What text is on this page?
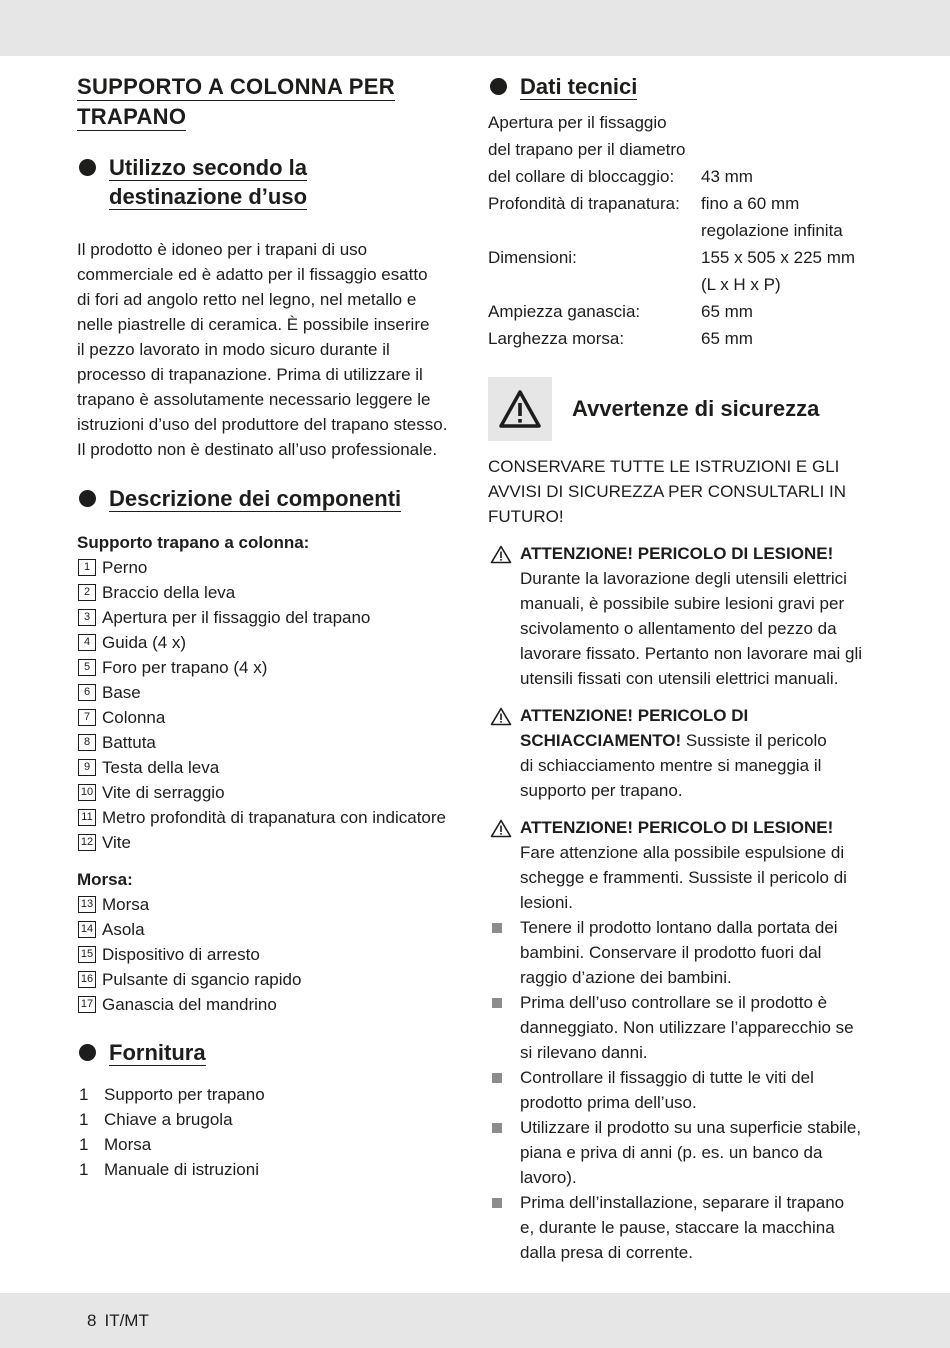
SUPPORTO A COLONNA PER
TRAPANO
Utilizzo secondo la
destinazione d’uso
Il prodotto è idoneo per i trapani di uso
commerciale ed è adatto per il fissaggio esatto
di fori ad angolo retto nel legno, nel metallo e
nelle piastrelle di ceramica. È possibile inserire
il pezzo lavorato in modo sicuro durante il
processo di trapanazione. Prima di utilizzare il
trapano è assolutamente necessario leggere le
istruzioni d’uso del produttore del trapano stesso.
Il prodotto non è destinato all’uso professionale.
Descrizione dei componenti
Supporto trapano a colonna:
1 Perno
2 Braccio della leva
3 Apertura per il fissaggio del trapano
4 Guida (4 x)
5 Foro per trapano (4 x)
6 Base
7 Colonna
8 Battuta
9 Testa della leva
10 Vite di serraggio
11 Metro profondità di trapanatura con indicatore
12 Vite
Morsa:
13 Morsa
14 Asola
15 Dispositivo di arresto
16 Pulsante di sgancio rapido
17 Ganascia del mandrino
Fornitura
1 Supporto per trapano
1 Chiave a brugola
1 Morsa
1 Manuale di istruzioni
Dati tecnici
Apertura per il fissaggio
del trapano per il diametro
del collare di bloccaggio:	43 mm
Profondità di trapanatura:	fino a 60 mm
regolazione infinita
Dimensioni:	155 x 505 x 225 mm
(L x H x P)
Ampiezza ganascia:	65 mm
Larghezza morsa:	65 mm
Avvertenze di sicurezza
CONSERVARE TUTTE LE ISTRUZIONI E GLI
AVVISI DI SICUREZZA PER CONSULTARLI IN
FUTURO!
ATTENZIONE! PERICOLO DI LESIONE!
Durante la lavorazione degli utensili elettrici
manuali, è possibile subire lesioni gravi per
scivolamento o allentamento del pezzo da
lavorare fissato. Pertanto non lavorare mai gli
utensili fissati con utensili elettrici manuali.
ATTENZIONE! PERICOLO DI
SCHIACCIAMENTO! Sussiste il pericolo
di schiacciamento mentre si maneggia il
supporto per trapano.
ATTENZIONE! PERICOLO DI LESIONE!
Fare attenzione alla possibile espulsione di
schegge e frammenti. Sussiste il pericolo di
lesioni.
Tenere il prodotto lontano dalla portata dei
bambini. Conservare il prodotto fuori dal
raggio d’azione dei bambini.
Prima dell’uso controllare se il prodotto è
danneggiato. Non utilizzare l’apparecchio se
si rilevano danni.
Controllare il fissaggio di tutte le viti del
prodotto prima dell’uso.
Utilizzare il prodotto su una superficie stabile,
piana e priva di anni (p. es. un banco da
lavoro).
Prima dell’installazione, separare il trapano
e, durante le pause, staccare la macchina
dalla presa di corrente.
8 IT/MT
